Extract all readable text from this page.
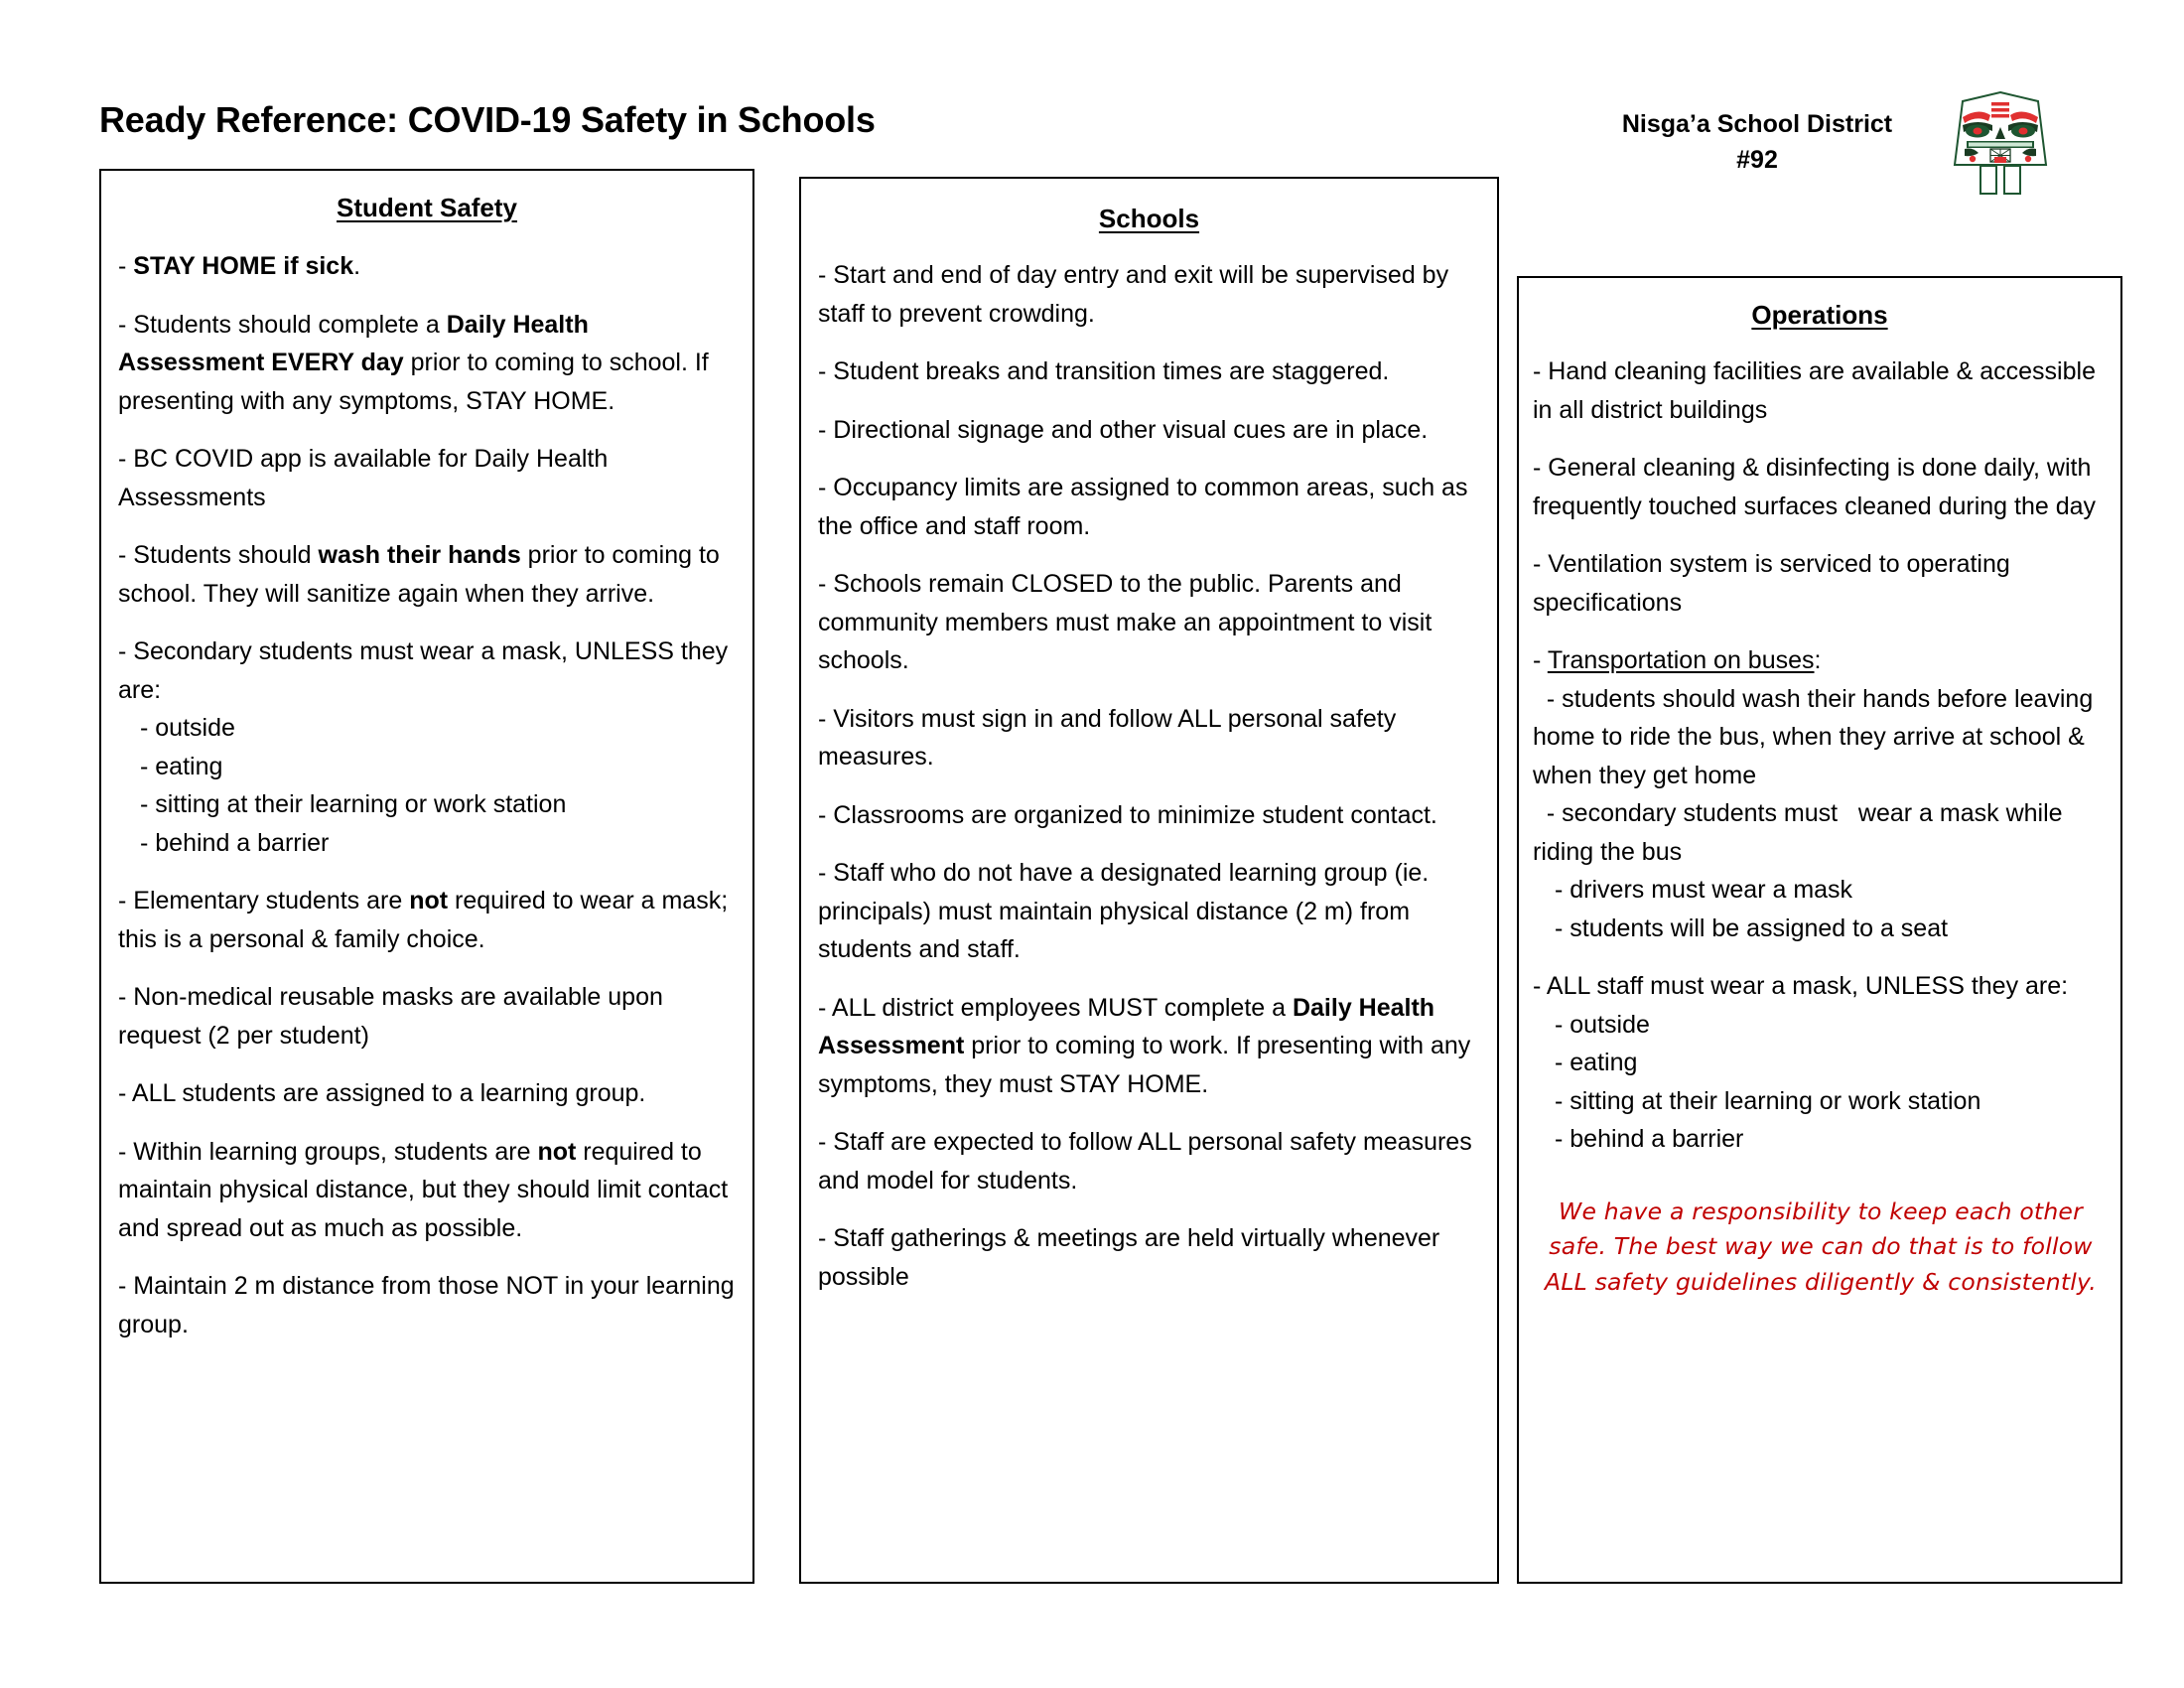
Ready Reference: COVID-19 Safety in Schools	Nisga’a School District
#92
Student Safety
- STAY HOME if sick.
- Students should complete a Daily Health Assessment EVERY day prior to coming to school. If presenting with any symptoms, STAY HOME.
- BC COVID app is available for Daily Health Assessments
- Students should wash their hands prior to coming to school. They will sanitize again when they arrive.
- Secondary students must wear a mask, UNLESS they are:
- outside
- eating
- sitting at their learning or work station
- behind a barrier
- Elementary students are not required to wear a mask; this is a personal & family choice.
- Non-medical reusable masks are available upon request (2 per student)
- ALL students are assigned to a learning group.
- Within learning groups, students are not required to maintain physical distance, but they should limit contact and spread out as much as possible.
- Maintain 2 m distance from those NOT in your learning group.
Schools
- Start and end of day entry and exit will be supervised by staff to prevent crowding.
- Student breaks and transition times are staggered.
- Directional signage and other visual cues are in place.
- Occupancy limits are assigned to common areas, such as the office and staff room.
- Schools remain CLOSED to the public. Parents and community members must make an appointment to visit schools.
- Visitors must sign in and follow ALL personal safety measures.
- Classrooms are organized to minimize student contact.
- Staff who do not have a designated learning group (ie. principals) must maintain physical distance (2 m) from students and staff.
- ALL district employees MUST complete a Daily Health Assessment prior to coming to work. If presenting with any symptoms, they must STAY HOME.
- Staff are expected to follow ALL personal safety measures and model for students.
- Staff gatherings & meetings are held virtually whenever possible
Operations
- Hand cleaning facilities are available & accessible in all district buildings
- General cleaning & disinfecting is done daily, with frequently touched surfaces cleaned during the day
- Ventilation system is serviced to operating specifications
- Transportation on buses:
- students should wash their hands before leaving home to ride the bus, when they arrive at school & when they get home
- secondary students must   wear a mask while riding the bus
- drivers must wear a mask
- students will be assigned to a seat
- ALL staff must wear a mask, UNLESS they are:
- outside
- eating
- sitting at their learning or work station
- behind a barrier
We have a responsibility to keep each other safe. The best way we can do that is to follow ALL safety guidelines diligently & consistently.
